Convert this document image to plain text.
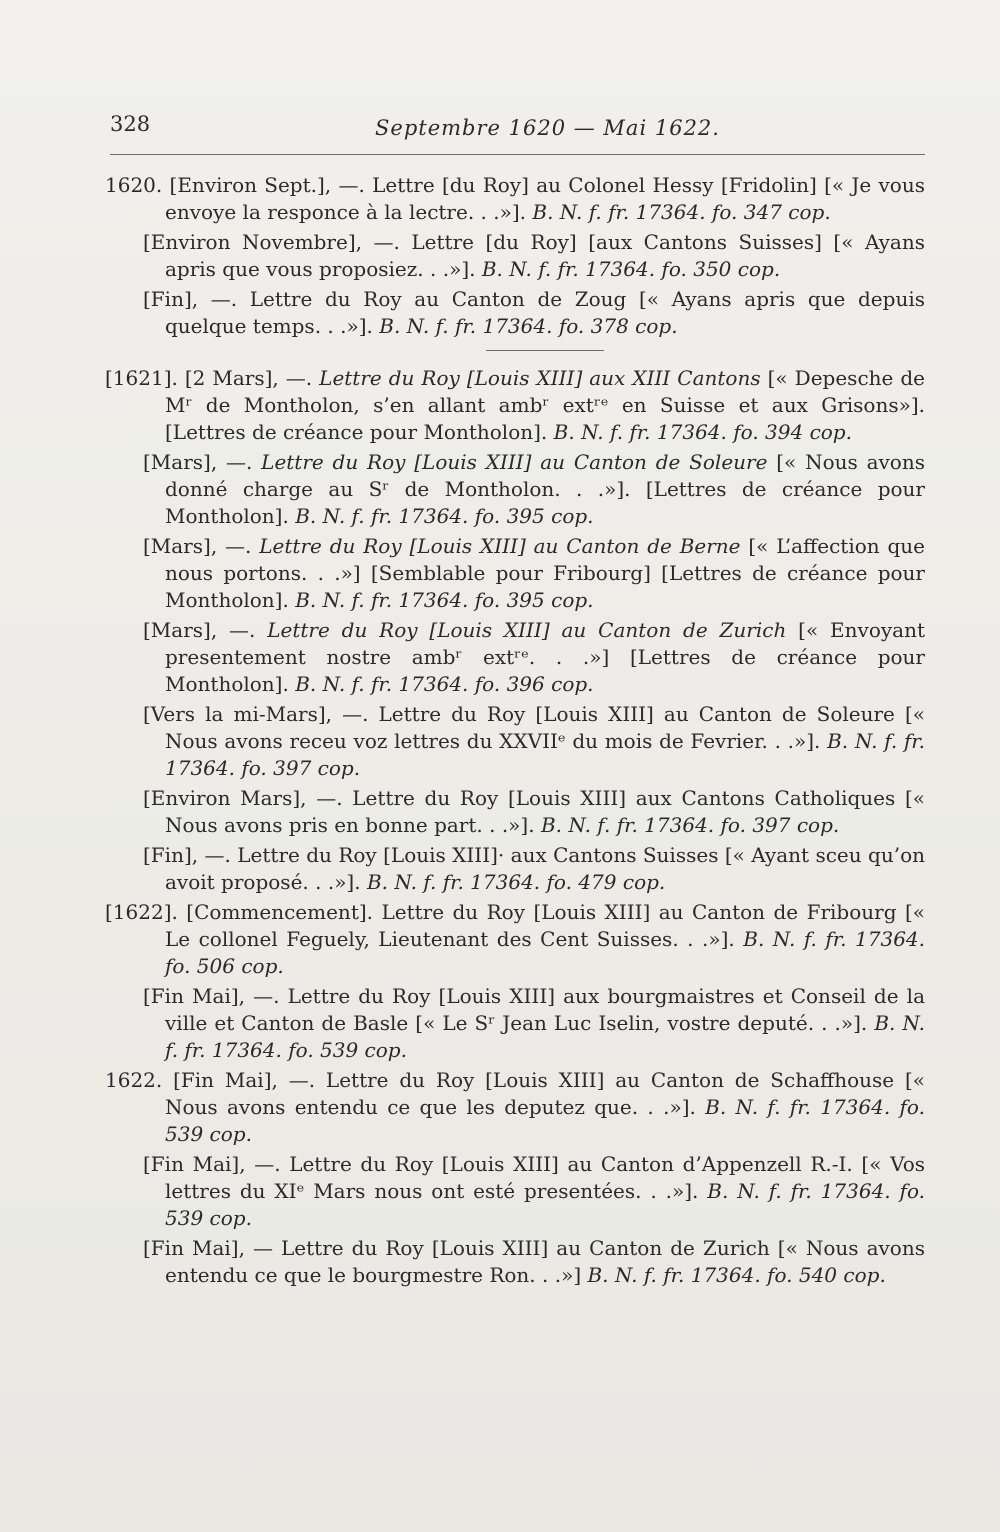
328	Septembre 1620 — Mai 1622.

1620. [Environ Sept.], —. Lettre [du Roy] au Colonel Hessy [Fridolin] [« Je vous envoye la responce à la lectre. . .»]. B. N. f. fr. 17364. fo. 347 cop.

[Environ Novembre], —. Lettre [du Roy] [aux Cantons Suisses] [« Ayans apris que vous proposiez. . .»]. B. N. f. fr. 17364. fo. 350 cop.

[Fin], —. Lettre du Roy au Canton de Zoug [« Ayans apris que depuis quelque temps. . .»]. B. N. f. fr. 17364. fo. 378 cop.

[1621]. [2 Mars], —. Lettre du Roy [Louis XIII] aux XIII Cantons [« Depesche de Mʳ de Montholon, s’en allant ambʳ extʳᵉ en Suisse et aux Grisons»]. [Lettres de créance pour Montholon]. B. N. f. fr. 17364. fo. 394 cop.

[Mars], —. Lettre du Roy [Louis XIII] au Canton de Soleure [« Nous avons donné charge au Sʳ de Montholon. . .»]. [Lettres de créance pour Montholon]. B. N. f. fr. 17364. fo. 395 cop.

[Mars], —. Lettre du Roy [Louis XIII] au Canton de Berne [« L’affection que nous portons. . .»] [Semblable pour Fribourg] [Lettres de créance pour Montholon]. B. N. f. fr. 17364. fo. 395 cop.

[Mars], —. Lettre du Roy [Louis XIII] au Canton de Zurich [« Envoyant presentement nostre ambʳ extʳᵉ. . .»] [Lettres de créance pour Montholon]. B. N. f. fr. 17364. fo. 396 cop.

[Vers la mi-Mars], —. Lettre du Roy [Louis XIII] au Canton de Soleure [« Nous avons receu voz lettres du XXVIIᵉ du mois de Fevrier. . .»]. B. N. f. fr. 17364. fo. 397 cop.

[Environ Mars], —. Lettre du Roy [Louis XIII] aux Cantons Catholiques [« Nous avons pris en bonne part. . .»]. B. N. f. fr. 17364. fo. 397 cop.

[Fin], —. Lettre du Roy [Louis XIII]· aux Cantons Suisses [« Ayant sceu qu’on avoit proposé. . .»]. B. N. f. fr. 17364. fo. 479 cop.

[1622]. [Commencement]. Lettre du Roy [Louis XIII] au Canton de Fribourg [« Le collonel Feguely, Lieutenant des Cent Suisses. . .»]. B. N. f. fr. 17364. fo. 506 cop.

[Fin Mai], —. Lettre du Roy [Louis XIII] aux bourgmaistres et Conseil de la ville et Canton de Basle [« Le Sʳ Jean Luc Iselin, vostre deputé. . .»]. B. N. f. fr. 17364. fo. 539 cop.

1622. [Fin Mai], —. Lettre du Roy [Louis XIII] au Canton de Schaffhouse [« Nous avons entendu ce que les deputez que. . .»]. B. N. f. fr. 17364. fo. 539 cop.

[Fin Mai], —. Lettre du Roy [Louis XIII] au Canton d’Appenzell R.-I. [« Vos lettres du XIᵉ Mars nous ont esté presentées. . .»]. B. N. f. fr. 17364. fo. 539 cop.

[Fin Mai], — Lettre du Roy [Louis XIII] au Canton de Zurich [« Nous avons entendu ce que le bourgmestre Ron. . .»] B. N. f. fr. 17364. fo. 540 cop.
